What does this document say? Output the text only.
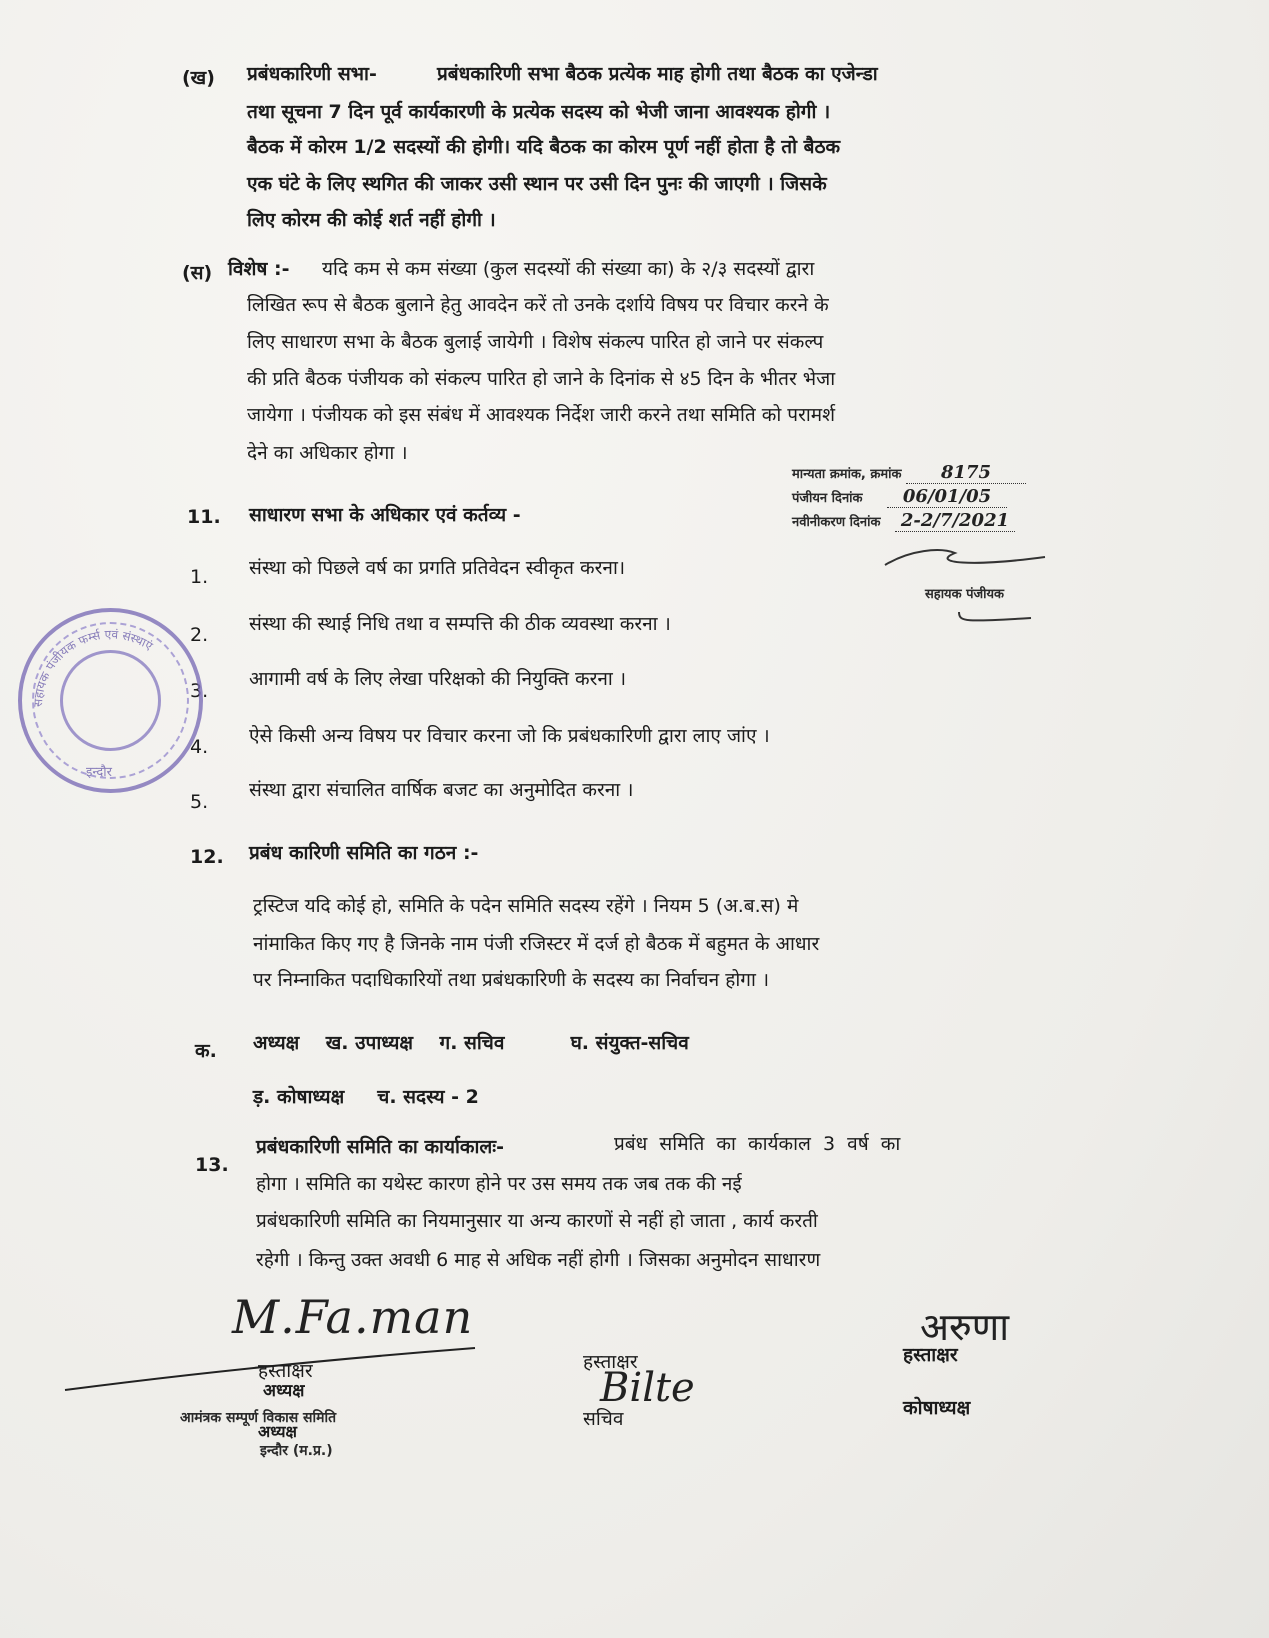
(ख) प्रबंधकारिणी सभा-	प्रबंधकारिणी सभा बैठक प्रत्येक माह होगी तथा बैठक का एजेन्डा
तथा सूचना 7 दिन पूर्व कार्यकारणी के प्रत्येक सदस्य को भेजी जाना आवश्यक होगी ।
बैठक में कोरम 1/2 सदस्यों की होगी। यदि बैठक का कोरम पूर्ण नहीं होता है तो बैठक
एक घंटे के लिए स्थगित की जाकर उसी स्थान पर उसी दिन पुनः की जाएगी । जिसके
लिए कोरम की कोई शर्त नहीं होगी ।
(स) विशेष :- यदि कम से कम संख्या (कुल सदस्यों की संख्या का) के २/३ सदस्यों द्वारा
लिखित रूप से बैठक बुलाने हेतु आवदेन करें तो उनके दर्शाये विषय पर विचार करने के
लिए साधारण सभा के बैठक बुलाई जायेगी । विशेष संकल्प पारित हो जाने पर संकल्प
की प्रति बैठक पंजीयक को संकल्प पारित हो जाने के दिनांक से ४5 दिन के भीतर भेजा
जायेगा । पंजीयक को इस संबंध में आवश्यक निर्देश जारी करने तथा समिति को परामर्श
देने का अधिकार होगा ।
मान्यता क्रमांक, क्रमांक 8175
पंजीयन दिनांक 06/01/05
नवीनीकरण दिनांक 2-2/7/2021
सहायक पंजीयक
11. साधारण सभा के अधिकार एवं कर्तव्य -
1. संस्था को पिछले वर्ष का प्रगति प्रतिवेदन स्वीकृत करना।
2. संस्था की स्थाई निधि तथा व सम्पत्ति की ठीक व्यवस्था करना ।
3.
आगामी वर्ष के लिए लेखा परिक्षको की नियुक्ति करना ।
4. ऐसे किसी अन्य विषय पर विचार करना जो कि प्रबंधकारिणी द्वारा लाए जांए ।
5.
संस्था द्वारा संचालित वार्षिक बजट का अनुमोदित करना ।
सहायक पंजीयक फर्म्स एवं संस्थाएं
इन्दौर
12. प्रबंध कारिणी समिति का गठन :-
ट्रस्टिज यदि कोई हो, समिति के पदेन समिति सदस्य रहेंगे । नियम 5 (अ.ब.स) मे
नांमाकित किए गए है जिनके नाम पंजी रजिस्टर में दर्ज हो बैठक में बहुमत के आधार
पर निम्नाकित पदाधिकारियों तथा प्रबंधकारिणी के सदस्य का निर्वाचन होगा ।
क. अध्यक्ष    ख. उपाध्यक्ष    ग. सचिव          घ. संयुक्त-सचिव
ड़. कोषाध्यक्ष     च. सदस्य - 2
13.
प्रबंधकारिणी समिति का कार्याकालः-	प्रबंध  समिति  का  कार्यकाल  3  वर्ष  का
होगा । समिति का यथेस्ट कारण होने पर उस समय तक जब तक की नई
प्रबंधकारिणी समिति का नियमानुसार या अन्य कारणों से नहीं हो जाता , कार्य करती
रहेगी । किन्तु उक्त अवधी 6 माह से अधिक नहीं होगी । जिसका अनुमोदन साधारण
M.Fa.man
हस्ताक्षर
अध्यक्ष
आमंत्रक सम्पूर्ण विकास समिति
अध्यक्ष
इन्दौर (म.प्र.)
हस्ताक्षर
Bilte
सचिव
अरुणा
हस्ताक्षर
कोषाध्यक्ष
